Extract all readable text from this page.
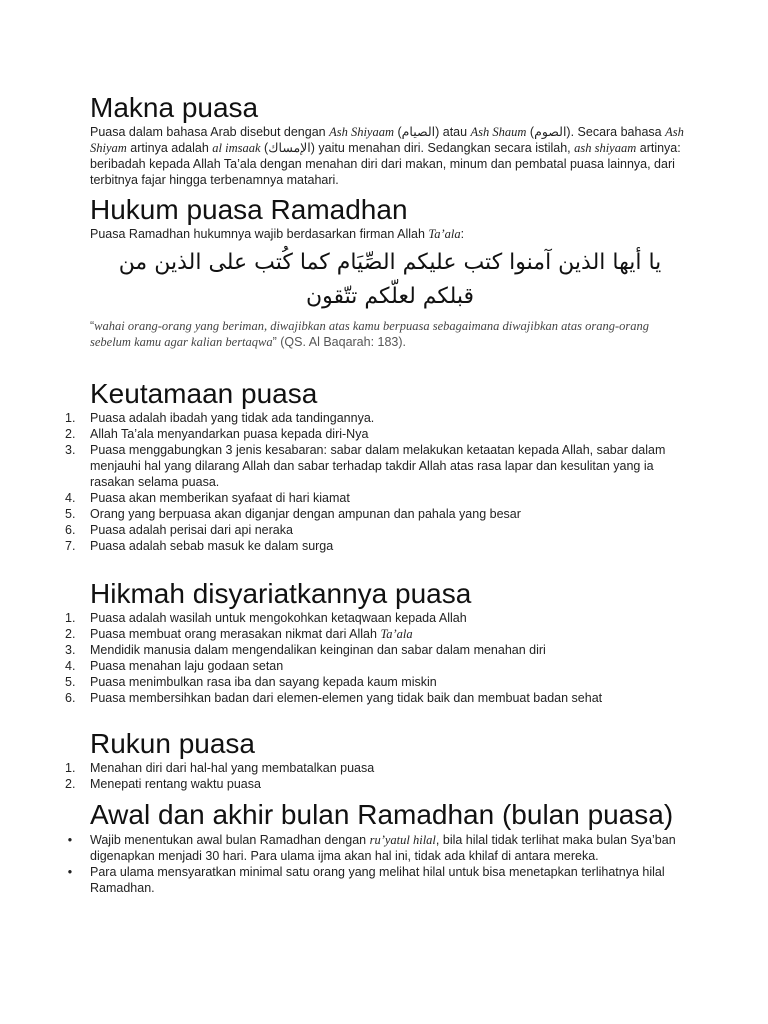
Makna puasa

Puasa dalam bahasa Arab disebut dengan Ash Shiyaam (الصيام) atau Ash Shaum (الصوم). Secara bahasa Ash Shiyam artinya adalah al imsaak (الإمساك) yaitu menahan diri. Sedangkan secara istilah, ash shiyaam artinya: beribadah kepada Allah Ta’ala dengan menahan diri dari makan, minum dan pembatal puasa lainnya, dari terbitnya fajar hingga terbenamnya matahari.

Hukum puasa Ramadhan

Puasa Ramadhan hukumnya wajib berdasarkan firman Allah Ta’ala:

يا أيها الذين آمنوا كتب عليكم الصِّيَام كما كُتب على الذين من قبلكم لعلّكم تتّقون

“wahai orang-orang yang beriman, diwajibkan atas kamu berpuasa sebagaimana diwajibkan atas orang-orang sebelum kamu agar kalian bertaqwa” (QS. Al Baqarah: 183).

Keutamaan puasa
1.	Puasa adalah ibadah yang tidak ada tandingannya.
2.	Allah Ta’ala menyandarkan puasa kepada diri-Nya
3.	Puasa menggabungkan 3 jenis kesabaran: sabar dalam melakukan ketaatan kepada Allah, sabar dalam menjauhi hal yang dilarang Allah dan sabar terhadap takdir Allah atas rasa lapar dan kesulitan yang ia rasakan selama puasa.
4.	Puasa akan memberikan syafaat di hari kiamat
5.	Orang yang berpuasa akan diganjar dengan ampunan dan pahala yang besar
6.	Puasa adalah perisai dari api neraka
7.	Puasa adalah sebab masuk ke dalam surga
Hikmah disyariatkannya puasa
1.	Puasa adalah wasilah untuk mengokohkan ketaqwaan kepada Allah
2.	Puasa membuat orang merasakan nikmat dari Allah Ta’ala
3.	Mendidik manusia dalam mengendalikan keinginan dan sabar dalam menahan diri
4.	Puasa menahan laju godaan setan
5.	Puasa menimbulkan rasa iba dan sayang kepada kaum miskin
6.	Puasa membersihkan badan dari elemen-elemen yang tidak baik dan membuat badan sehat
Rukun puasa
1.	Menahan diri dari hal-hal yang membatalkan puasa
2.	Menepati rentang waktu puasa
Awal dan akhir bulan Ramadhan (bulan puasa)
• Wajib menentukan awal bulan Ramadhan dengan ru’yatul hilal, bila hilal tidak terlihat maka bulan Sya’ban digenapkan menjadi 30 hari. Para ulama ijma akan hal ini, tidak ada khilaf di antara mereka.
• Para ulama mensyaratkan minimal satu orang yang melihat hilal untuk bisa menetapkan terlihatnya hilal Ramadhan.
